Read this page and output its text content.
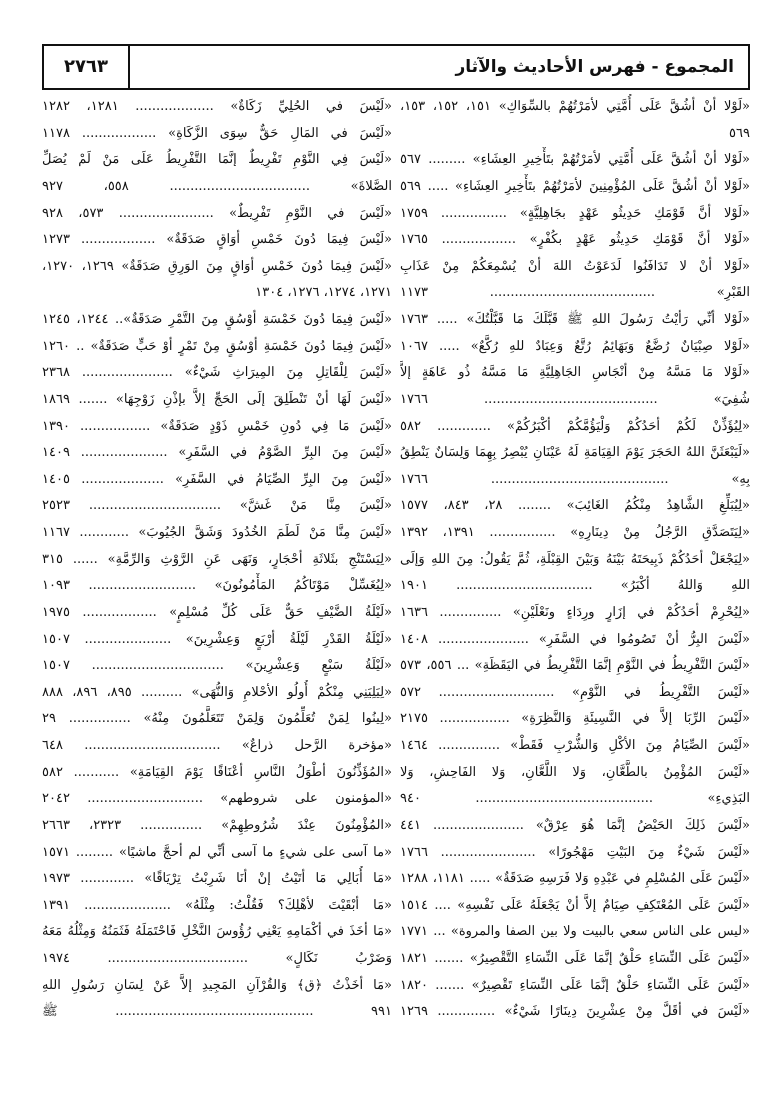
المجموع - فهرس الأحاديث والآثار
٢٧٦٣
«لَوْلا أنْ أشُقَّ عَلَى أُمَّتِي لأمَرْتُهُمْ بالسِّوَاكِ» ١٥١، ١٥٢، ١٥٣،
٥٦٩
«لَوْلا أنْ أشُقَّ عَلَى أُمَّتِي لأمَرْتُهُمْ بتَأْخِيرِ العِشَاءِ» ......... ٥٦٧
«لَوْلا أنْ أشُقَّ عَلَى المُؤْمِنِينَ لأمَرْتُهُمْ بتَأْخِيرِ العِشَاءِ» ..... ٥٦٩
«لَوْلا أنَّ قَوْمَكِ حَدِيثُو عَهْدٍ بجَاهِلِيَّةٍ» ................ ١٧٥٩
«لَوْلا أنَّ قَوْمَكِ حَدِيثُو عَهْدٍ بكُفْرٍ» .................. ١٧٦٥
«لَوْلا أنْ لا تَدَافَنُوا لَدَعَوْتُ اللهَ أنْ يُسْمِعَكُمْ مِنْ عَذَابِ
القَبْرِ» ........................................ ١١٧٣
«لَوْلا أنِّي رَأيْتُ رَسُولَ اللهِ ﷺ قَبَّلَكَ مَا قَبَّلْتُكَ» ..... ١٧٦٣
«لَوْلا صِبْيَانٌ رُضَّعٌ وَبَهَائِمُ رُتَّعٌ وَعِبَادٌ للهِ رُكَّعٌ» ..... ١٠٦٧
«لَوْلا مَا مَسَّهُ مِنْ أنْجَاسِ الجَاهِلِيَّةِ مَا مَسَّهُ ذُو عَاهَةٍ إلاَّ
شُفِيَ» .......................................... ١٧٦٦
«لِيُؤَذِّنْ لَكُمْ أحَدُكُمْ وَلْيَؤُمَّكُمْ أكْبَرُكُمْ» ............. ٥٨٢
«لَيَبْعَثَنَّ اللهُ الحَجَرَ يَوْمَ القِيَامَةِ لَهُ عَيْنَانِ يُبْصِرُ بِهِمَا وَلِسَانٌ يَنْطِقُ
بِهِ» ........................................... ١٧٦٦
«لِيُبَلِّغِ الشَّاهِدُ مِنْكُمُ الغَائِبَ» ........ ٢٨، ٨٤٣، ١٥٧٧
«لِيَتَصَدَّقِ الرَّجُلُ مِنْ دِينَارِهِ» ................ ١٣٩١، ١٣٩٢
«لِيَجْعَلْ أحَدُكُمْ ذَبِيحَتَهُ بَيْنَهُ وَبَيْنَ القِبْلَةِ، ثُمَّ يَقُولُ: مِنَ اللهِ وَإلَى
اللهِ وَاللهُ أكْبَرُ» ................................. ١٩٠١
«لِيُحْرِمْ أحَدُكُمْ في إزَارٍ ورِدَاءٍ ونَعْلَيْنِ» ............... ١٦٣٦
«لَيْسَ البِرُّ أنْ تَصُومُوا في السَّفَرِ» ...................... ١٤٠٨
«لَيْسَ التَّفْرِيطُ في النَّوْمِ إنَّمَا التَّفْرِيطُ في اليَقَظَةِ» ... ٥٥٦، ٥٧٣
«لَيْسَ التَّفْرِيطُ في النَّوْمِ» ............................ ٥٧٢
«لَيْسَ الرِّبَا إلاَّ في النَّسِيئَةِ وَالنَّظِرَةِ» ................. ٢١٧٥
«لَيْسَ الصِّيَامُ مِنَ الأكْلِ وَالشُّرْبِ فَقَطْ» ............... ١٤٦٤
«لَيْسَ المُؤْمِنُ بالطَّعَّانِ، وَلا اللَّعَّانِ، وَلا الفَاحِشِ، وَلا
البَذِيءِ» ........................................... ٩٤٠
«لَيْسَ ذَلِكَ الحَيْضُ إنَّمَا هُوَ عِرْقٌ» ...................... ٤٤١
«لَيْسَ شَيْءٌ مِنَ البَيْتِ مَهْجُورًا» ....................... ١٧٦٦
«لَيْسَ عَلَى المُسْلِمِ في عَبْدِهِ وَلا فَرَسِهِ صَدَقَةٌ» ..... ١١٨١، ١٢٨٨
«لَيْسَ عَلَى المُعْتَكِفِ صِيَامٌ إلاَّ أنْ يَجْعَلَهُ عَلَى نَفْسِهِ» .... ١٥١٤
«ليس على الناس سعي بالبيت ولا بين الصفا والمروة» ... ١٧٧١
«لَيْسَ عَلَى النِّسَاءِ حَلْقٌ إنَّمَا عَلَى النِّسَاءِ التَّقْصِيرُ» ....... ١٨٢١
«لَيْسَ عَلَى النِّسَاءِ حَلْقٌ إنَّمَا عَلَى النِّسَاءِ تَقْصِيرٌ» ....... ١٨٢٠
«لَيْسَ في أقَلَّ مِنْ عِشْرِينَ دِينَارًا شَيْءٌ» .............. ١٢٦٩
«لَيْسَ في الحُلِيِّ زَكَاةٌ» ................... ١٢٨١، ١٢٨٢
«لَيْسَ في المَالِ حَقٌّ سِوَى الزَّكَاةِ» .................. ١١٧٨
«لَيْسَ فِي النَّوْمِ تَفْرِيطٌ إنَّمَا التَّفْرِيطُ عَلَى مَنْ لَمْ يُصَلِّ
الصَّلاةَ» .................................. ٥٥٨، ٩٢٧
«لَيْسَ في النَّوْمِ تَفْرِيطٌ» ....................... ٥٧٣، ٩٢٨
«لَيْسَ فِيمَا دُونَ خَمْسِ أوَاقٍ صَدَقَةٌ» .................. ١٢٧٣
«لَيْسَ فِيمَا دُونَ خَمْسِ أوَاقٍ مِنَ الوَرِقِ صَدَقَةٌ» ١٢٦٩، ١٢٧٠،
١٢٧١، ١٢٧٤، ١٢٧٦، ١٣٠٤
«لَيْسَ فِيمَا دُونَ خَمْسَةِ أوْسُقٍ مِنَ التَّمْرِ صَدَقَةٌ».. ١٢٤٤، ١٢٤٥
«لَيْسَ فِيمَا دُونَ خَمْسَةِ أوْسُقٍ مِنْ تَمْرٍ أوْ حَبٍّ صَدَقَةٌ» .. ١٢٦٠
«لَيْسَ لِلْقَاتِلِ مِنَ المِيرَاثِ شَيْءٌ» ...................... ٢٣٦٨
«لَيْسَ لَهَا أنْ تَنْطَلِقَ إلَى الحَجِّ إلاَّ بإذْنِ زَوْجِهَا» ....... ١٨٦٩
«لَيْسَ مَا فِي دُونِ خَمْسِ ذَوْدٍ صَدَقَةٌ» ................. ١٣٩٠
«لَيْسَ مِنَ البِرِّ الصَّوْمُ في السَّفَرِ» ..................... ١٤٠٩
«لَيْسَ مِنَ البِرِّ الصِّيَامُ في السَّفَرِ» .................... ١٤٠٥
«لَيْسَ مِنَّا مَنْ غَشَّ» ................................ ٢٥٢٣
«لَيْسَ مِنَّا مَنْ لَطَمَ الخُدُودَ وَشَقَّ الجُيُوبَ» ............ ١١٦٧
«لِيَسْتَنْجِ بثَلاثَةِ أحْجَارٍ، وَنَهَى عَنِ الرَّوْثِ وَالرِّمَّةِ» ...... ٣١٥
«لِيُغَسِّلْ مَوْتَاكُمُ المَأْمُونُونَ» .......................... ١٠٩٣
«لَيْلَةُ الضَّيْفِ حَقٌّ عَلَى كُلِّ مُسْلِمٍ» .................. ١٩٧٥
«لَيْلَةُ القَدْرِ لَيْلَةُ أرْبَعٍ وَعِشْرِينَ» ..................... ١٥٠٧
«لَيْلَةُ سَبْعٍ وَعِشْرِينَ» ................................ ١٥٠٧
«لِيَلِيَنِي مِنْكُمْ أُولُو الأحْلامِ وَالنُّهَى» .......... ٨٩٥، ٨٩٦، ٨٨٨
«لِينُوا لِمَنْ تُعَلِّمُونَ وَلِمَنْ تَتَعَلَّمُونَ مِنْهُ» ............... ٢٩
«مؤخرة الرَّحل ذراعٌ» ................................. ٦٤٨
«المُؤَذِّنُونَ أطْوَلُ النَّاسِ أعْنَاقًا يَوْمَ القِيَامَةِ» ........... ٥٨٢
«المؤمنون على شروطهم» ............................ ٢٠٤٢
«المُؤْمِنُونَ عِنْدَ شُرُوطِهِمْ» ............... ٢٣٢٣، ٢٦٦٣
«ما آسى على شيءٍ ما آسى أنِّي لم أحجَّ ماشيًا» ......... ١٥٧١
«مَا أُبَالِي مَا أتَيْتُ إنْ أنَا شَرِبْتُ تِرْيَاقًا» ............. ١٩٧٣
«مَا أبْقَيْتَ لأهْلِكَ؟ فَقُلْتُ: مِثْلَهُ» ..................... ١٣٩١
«مَا أخَذَ في أكْمَامِهِ يَعْنِي رُؤُوسَ النَّخْلِ فَاحْتَمَلَهُ فَثَمَنُهُ وَمِثْلُهُ مَعَهُ
وَضَرْبُ نَكَالٍ» .................................. ١٩٧٤
«مَا أخَذْتُ ﴿ق﴾ وَالقُرْآنِ المَجِيدِ إلاَّ عَنْ لِسَانِ رَسُولِ اللهِ
٩٩١ ................................................ ﷺ
